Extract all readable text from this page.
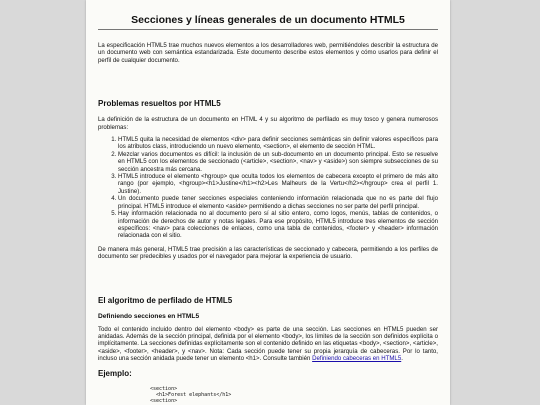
Secciones y líneas generales de un documento HTML5

La especificación HTML5 trae muchos nuevos elementos a los desarrolladores web, permitiéndoles describir la estructura de un documento web con semántica estandarizada. Este documento describe estos elementos y cómo usarlos para definir el perfil de cualquier documento.

Problemas resueltos por HTML5

La definición de la estructura de un documento en HTML 4 y su algoritmo de perfilado es muy tosco y genera numerosos problemas:

1. HTML5 quita la necesidad de elementos <div> para definir secciones semánticas sin definir valores específicos para los atributos class, introduciendo un nuevo elemento, <section>, el elemento de sección HTML.
2. Mezclar varios documentos es difícil: la inclusión de un sub-documento en un documento principal. Esto se resuelve en HTML5 con los elementos de seccionado (<article>, <section>, <nav> y <aside>) son siempre subsecciones de su sección ancestra más cercana.
3. HTML5 introduce el elemento <hgroup> que oculta todos los elementos de cabecera excepto el primero de más alto rango (por ejemplo, <hgroup><h1>Justine</h1><h2>Les Malheurs de la Vertu</h2></hgroup> crea el perfil 1. Justine).
4. Un documento puede tener secciones especiales conteniendo información relacionada que no es parte del flujo principal. HTML5 introduce el elemento <aside> permitiendo a dichas secciones no ser parte del perfil principal.
5. Hay información relacionada no al documento pero sí al sitio entero, como logos, menús, tablas de contenidos, o información de derechos de autor y notas legales. Para ese propósito, HTML5 introduce tres elementos de sección específicos: <nav> para colecciones de enlaces, como una tabla de contenidos, <footer> y <header> información relacionada con el sitio.

De manera más general, HTML5 trae precisión a las características de seccionado y cabecera, permitiendo a los perfiles de documento ser predecibles y usados por el navegador para mejorar la experiencia de usuario.

El algoritmo de perfilado de HTML5
Definiendo secciones en HTML5

Todo el contenido incluido dentro del elemento <body> es parte de una sección. Las secciones en HTML5 pueden ser anidadas. Además de la sección principal, definida por el elemento <body>, los límites de la sección son definidos explícita o implícitamente. La secciones definidas explícitamente son el contenido definido en las etiquetas <body>, <section>, <article>, <aside>, <footer>, <header>, y <nav>. Nota: Cada sección puede tener su propia jerarquía de cabeceras. Por lo tanto, incluso una sección anidada puede tener un elemento <h1>. Consulte también Definiendo cabeceras en HTML5.

Ejemplo:
<section>
<h1>Forest elephants</h1>
<section>
